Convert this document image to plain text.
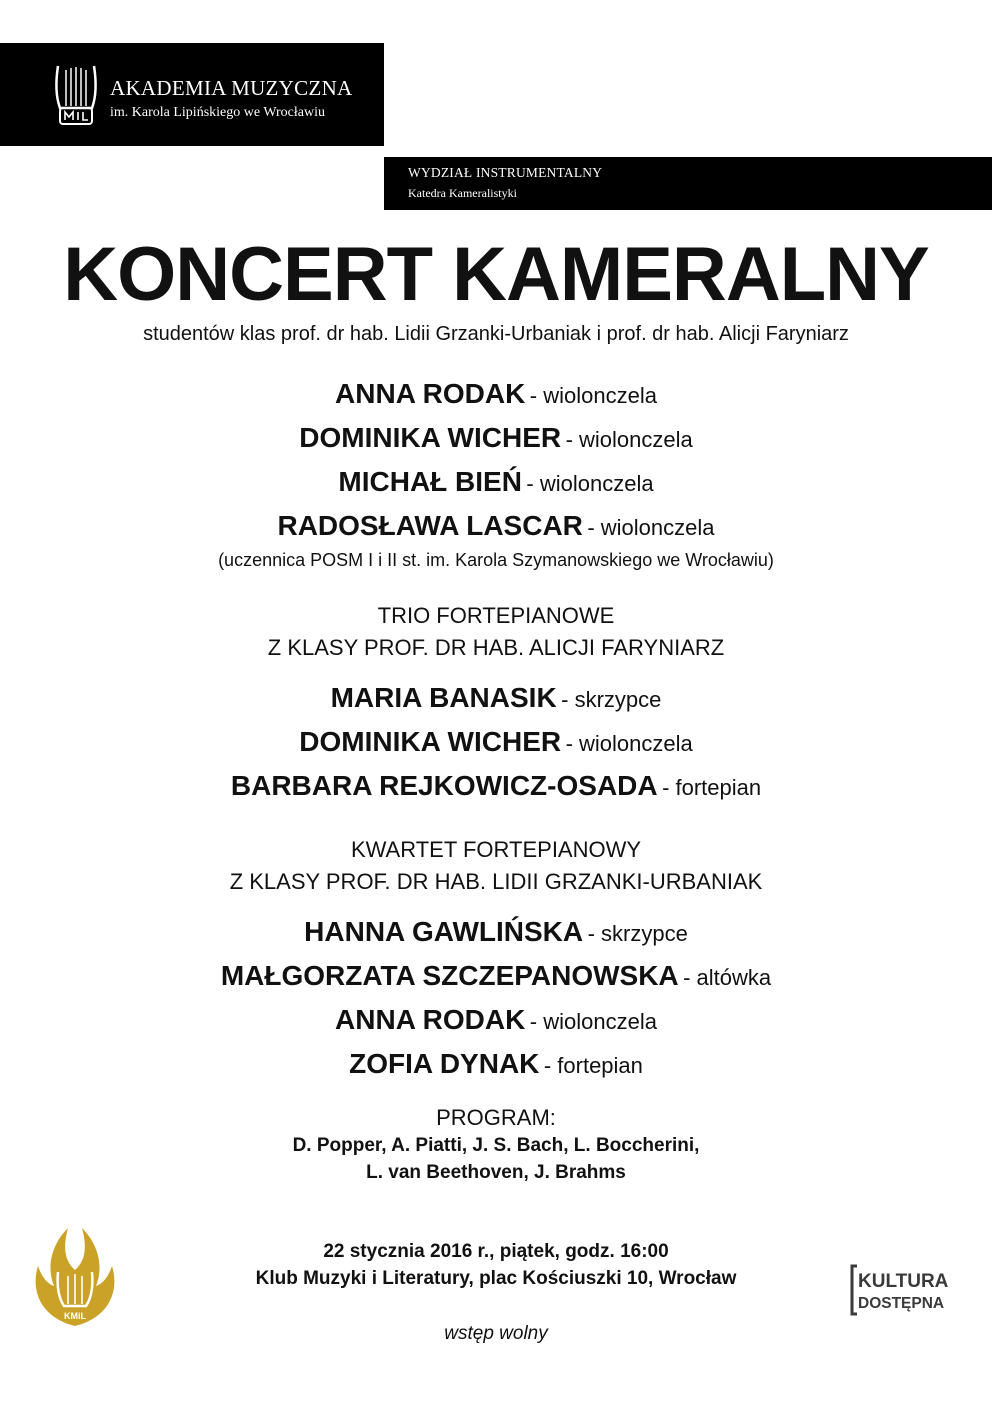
AKADEMIA MUZYCZNA
im. Karola Lipińskiego we Wrocławiu
WYDZIAŁ INSTRUMENTALNY
Katedra Kameralistyki
KONCERT KAMERALNY
studentów klas prof. dr hab. Lidii Grzanki-Urbaniak i prof. dr hab. Alicji Faryniarz
ANNA RODAK - wiolonczela
DOMINIKA WICHER - wiolonczela
MICHAŁ BIEŃ - wiolonczela
RADOSŁAWA LASCAR - wiolonczela
(uczennica POSM I i II st. im. Karola Szymanowskiego we Wrocławiu)
TRIO FORTEPIANOWE
Z KLASY PROF. DR HAB. ALICJI FARYNIARZ
MARIA BANASIK - skrzypce
DOMINIKA WICHER - wiolonczela
BARBARA REJKOWICZ-OSADA - fortepian
KWARTET FORTEPIANOWY
Z KLASY PROF. DR HAB. LIDII GRZANKI-URBANIAK
HANNA GAWLIŃSKA - skrzypce
MAŁGORZATA SZCZEPANOWSKA - altówka
ANNA RODAK - wiolonczela
ZOFIA DYNAK - fortepian
PROGRAM:
D. Popper, A. Piatti, J. S. Bach, L. Boccherini,
L. van Beethoven, J. Brahms
22 stycznia 2016 r., piątek, godz. 16:00
Klub Muzyki i Literatury, plac Kościuszki 10, Wrocław
wstęp wolny
W
KMiL
KULTURA
DOSTĘPNA
